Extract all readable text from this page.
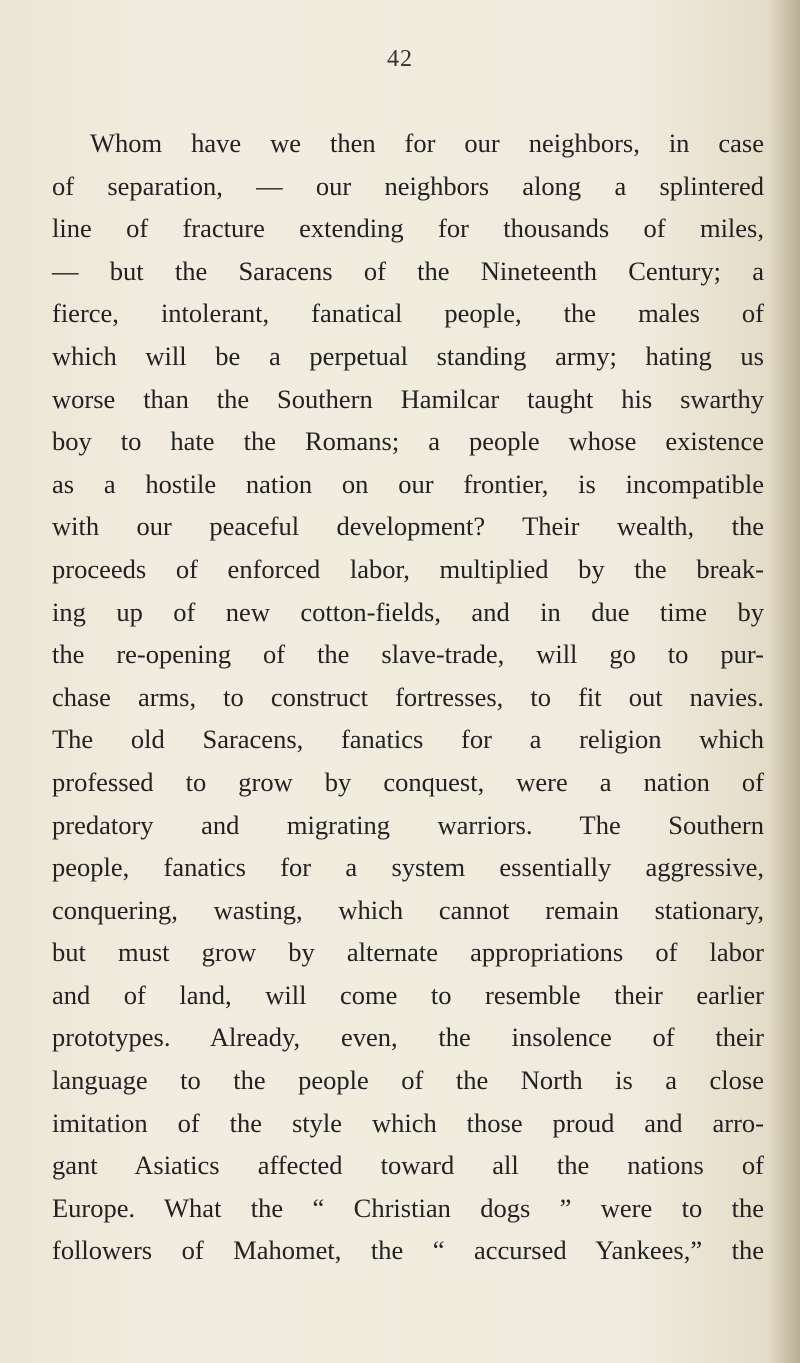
42
Whom have we then for our neighbors, in case
of separation, — our neighbors along a splintered
line of fracture extending for thousands of miles,
— but the Saracens of the Nineteenth Century; a
fierce, intolerant, fanatical people, the males of
which will be a perpetual standing army; hating us
worse than the Southern Hamilcar taught his swarthy
boy to hate the Romans; a people whose existence
as a hostile nation on our frontier, is incompatible
with our peaceful development? Their wealth, the
proceeds of enforced labor, multiplied by the break-
ing up of new cotton-fields, and in due time by
the re-opening of the slave-trade, will go to pur-
chase arms, to construct fortresses, to fit out navies.
The old Saracens, fanatics for a religion which
professed to grow by conquest, were a nation of
predatory and migrating warriors. The Southern
people, fanatics for a system essentially aggressive,
conquering, wasting, which cannot remain stationary,
but must grow by alternate appropriations of labor
and of land, will come to resemble their earlier
prototypes. Already, even, the insolence of their
language to the people of the North is a close
imitation of the style which those proud and arro-
gant Asiatics affected toward all the nations of
Europe. What the “ Christian dogs ” were to the
followers of Mahomet, the “ accursed Yankees,” the
